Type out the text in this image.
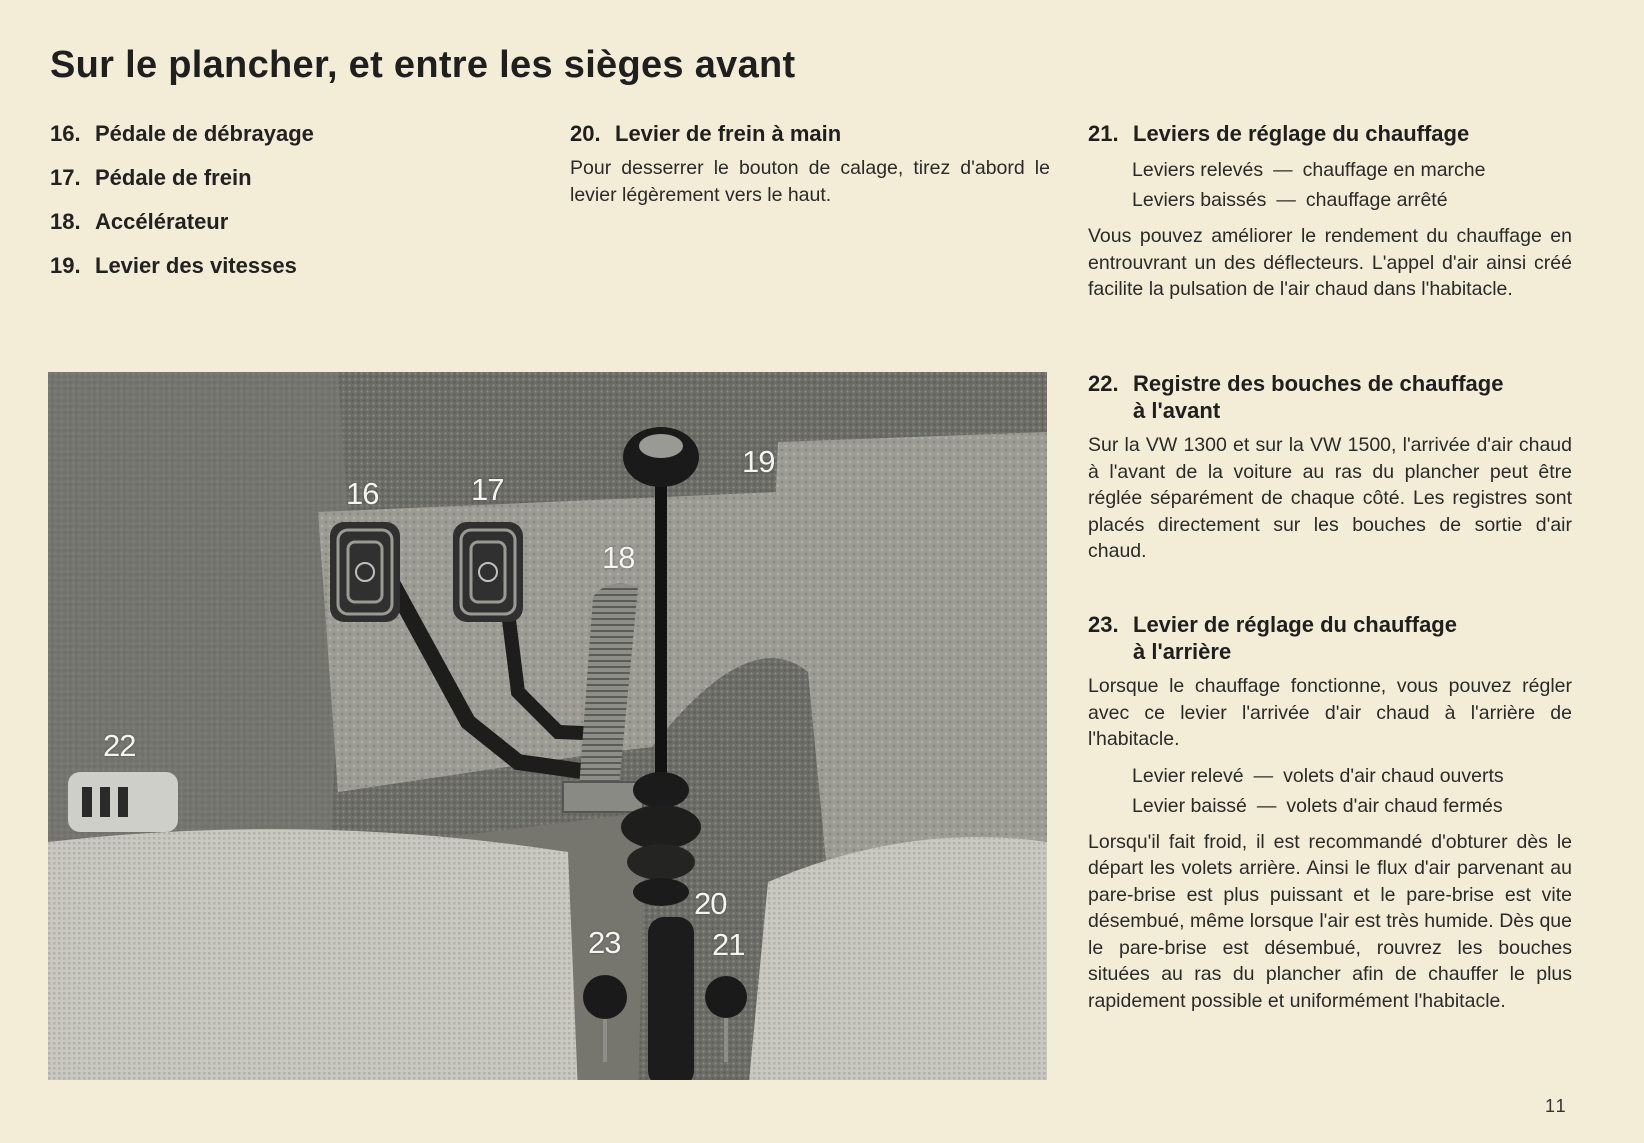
Sur le plancher, et entre les sièges avant
16. Pédale de débrayage
17. Pédale de frein
18. Accélérateur
19. Levier des vitesses
20. Levier de frein à main

Pour desserrer le bouton de calage, tirez d'abord le levier légèrement vers le haut.

21. Leviers de réglage du chauffage
Leviers relevés — chauffage en marche
Leviers baissés — chauffage arrêté

Vous pouvez améliorer le rendement du chauffage en entrouvrant un des déflecteurs. L'appel d'air ainsi créé facilite la pulsation de l'air chaud dans l'habitacle.

22. Registre des bouches de chauffage
à l'avant

Sur la VW 1300 et sur la VW 1500, l'arrivée d'air chaud à l'avant de la voiture au ras du plancher peut être réglée séparément de chaque côté. Les registres sont placés directement sur les bouches de sortie d'air chaud.

23. Levier de réglage du chauffage
à l'arrière

Lorsque le chauffage fonctionne, vous pouvez régler avec ce levier l'arrivée d'air chaud à l'arrière de l'habitacle.

Levier relevé — volets d'air chaud ouverts
Levier baissé — volets d'air chaud fermés

Lorsqu'il fait froid, il est recommandé d'obturer dès le départ les volets arrière. Ainsi le flux d'air parvenant au pare-brise est plus puissant et le pare-brise est vite désembué, même lorsque l'air est très humide. Dès que le pare-brise est désembué, rouvrez les bouches situées au ras du plancher afin de chauffer le plus rapidement possible et uniformément l'habitacle.

16	17
18
19
20
21
22
23
11
